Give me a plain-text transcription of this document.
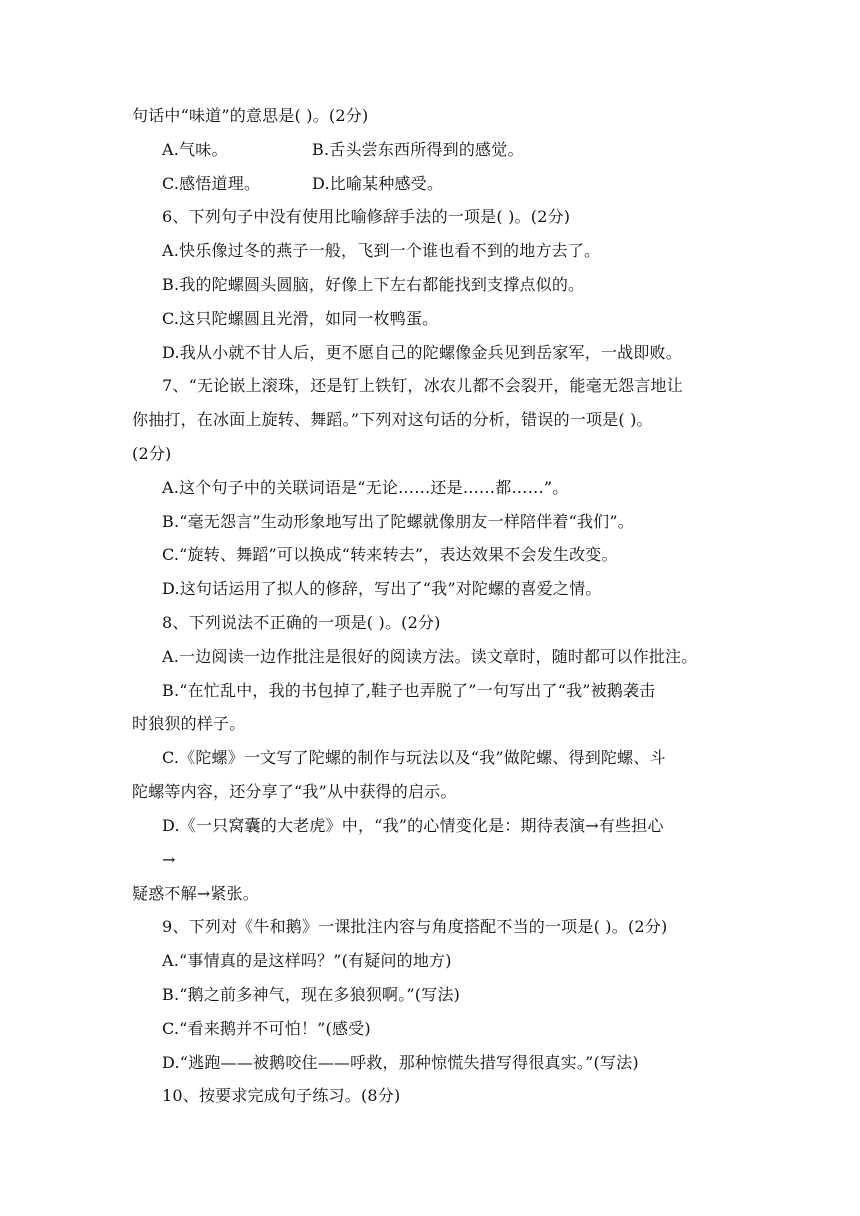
句话中“味道”的意思是( )。(2分)
A.气味。	B.舌头尝东西所得到的感觉。
C.感悟道理。	D.比喻某种感受。
6、下列句子中没有使用比喻修辞手法的一项是( )。(2分)
A.快乐像过冬的燕子一般，飞到一个谁也看不到的地方去了。
B.我的陀螺圆头圆脑，好像上下左右都能找到支撑点似的。
C.这只陀螺圆且光滑，如同一枚鸭蛋。
D.我从小就不甘人后，更不愿自己的陀螺像金兵见到岳家军，一战即败。
7、“无论嵌上滚珠，还是钉上铁钉，冰农儿都不会裂开，能毫无怨言地让
你抽打，在冰面上旋转、舞蹈。”下列对这句话的分析，错误的一项是( )。
(2分)
A.这个句子中的关联词语是“无论……还是……都……”。
B.“毫无怨言”生动形象地写出了陀螺就像朋友一样陪伴着“我们”。
C.“旋转、舞蹈”可以换成“转来转去”，表达效果不会发生改变。
D.这句话运用了拟人的修辞，写出了“我”对陀螺的喜爱之情。
8、下列说法不正确的一项是( )。(2分)
A.一边阅读一边作批注是很好的阅读方法。读文章时，随时都可以作批注。
B.“在忙乱中，我的书包掉了,鞋子也弄脱了”一句写出了“我”被鹅袭击
时狼狈的样子。
C.《陀螺》一文写了陀螺的制作与玩法以及“我”做陀螺、得到陀螺、斗
陀螺等内容，还分享了“我”从中获得的启示。
D.《一只窝囊的大老虎》中，“我”的心情变化是：期待表演→有些担心
→
疑惑不解→紧张。
9、下列对《牛和鹅》一课批注内容与角度搭配不当的一项是( )。(2分)
A.“事情真的是这样吗？”(有疑问的地方)
B.“鹅之前多神气，现在多狼狈啊。”(写法)
C.“看来鹅并不可怕！”(感受)
D.“逃跑——被鹅咬住——呼救，那种惊慌失措写得很真实。”(写法)
10、按要求完成句子练习。(8分)
